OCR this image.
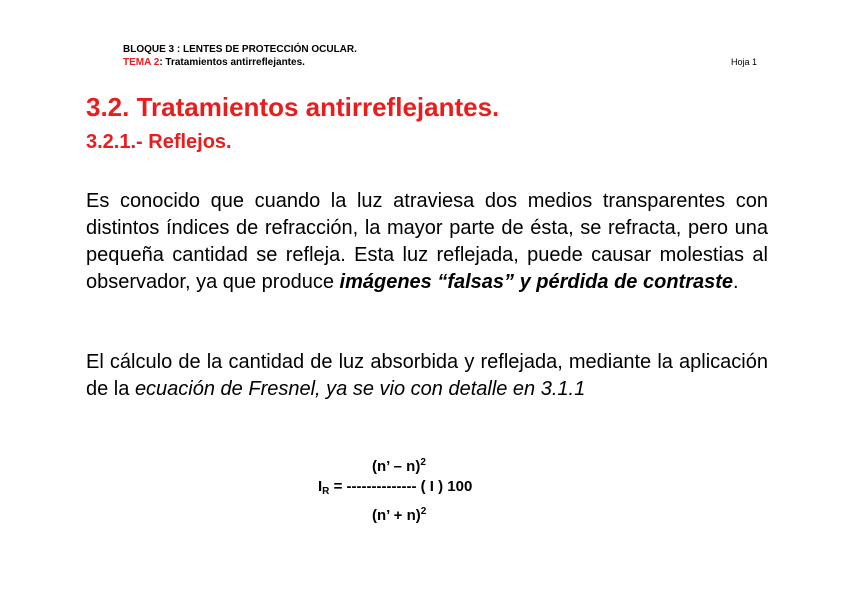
BLOQUE 3 : LENTES DE PROTECCIÓN OCULAR.
TEMA 2: Tratamientos antirreflejantes.	Hoja 1
3.2. Tratamientos antirreflejantes.
3.2.1.- Reflejos.

Es conocido que cuando la luz atraviesa dos medios transparentes con distintos índices de refracción, la mayor parte de ésta, se refracta, pero una pequeña cantidad se refleja. Esta luz reflejada, puede causar molestias al observador, ya que produce imágenes “falsas” y pérdida de contraste.

El cálculo de la cantidad de luz absorbida y reflejada, mediante la aplicación de la ecuación de Fresnel, ya se vio con detalle en 3.1.1

(n’ – n)$^2$
$I_R$ = -------------- ( I ) 100
(n’ + n)$^2$
